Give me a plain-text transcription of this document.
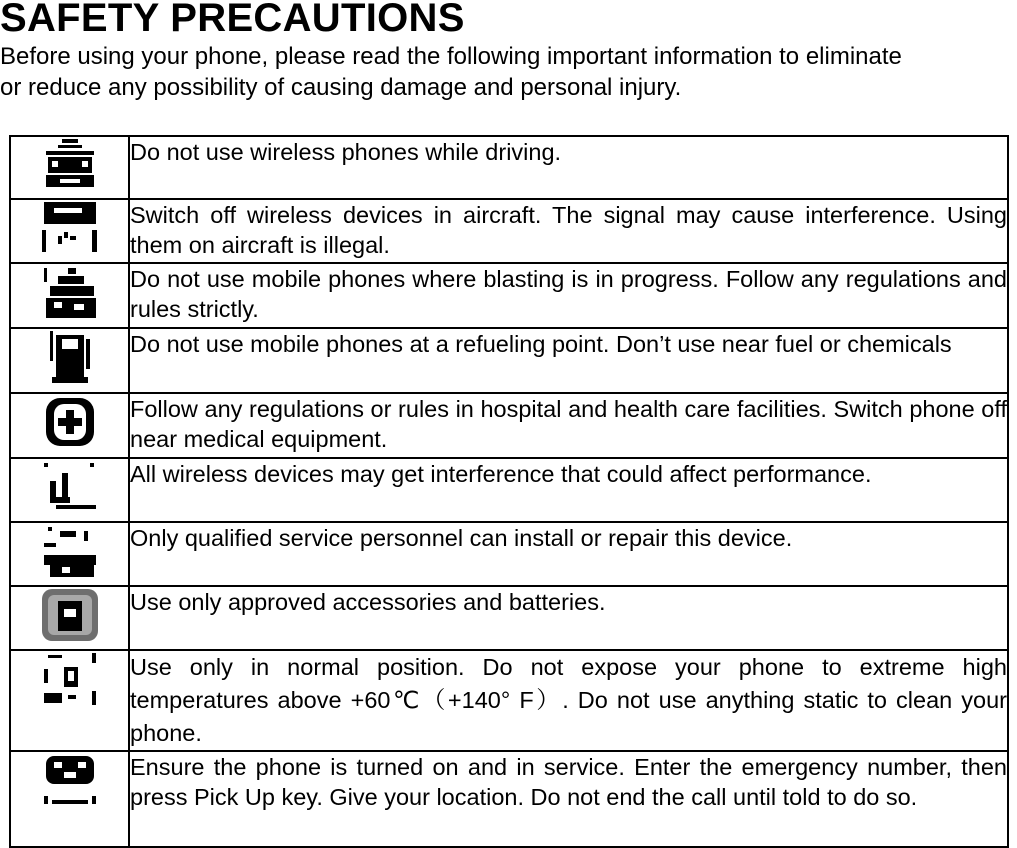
SAFETY PRECAUTIONS

Before using your phone, please read the following important information to eliminate
or reduce any possibility of causing damage and personal injury.

	Do not use wireless phones while driving.

	Switch off wireless devices in aircraft. The signal may cause interference. Using them on aircraft is illegal.

	Do not use mobile phones where blasting is in progress. Follow any regulations and rules strictly.

	Do not use mobile phones at a refueling point. Don’t use near fuel or chemicals

	Follow any regulations or rules in hospital and health care facilities. Switch phone off near medical equipment.

	All wireless devices may get interference that could affect performance.

	Only qualified service personnel can install or repair this device.

	Use only approved accessories and batteries.

	Use only in normal position. Do not expose your phone to extreme high temperatures above +60℃（+140° F）. Do not use anything static to clean your phone.

	Ensure the phone is turned on and in service. Enter the emergency number, then press Pick Up key. Give your location. Do not end the call until told to do so.
